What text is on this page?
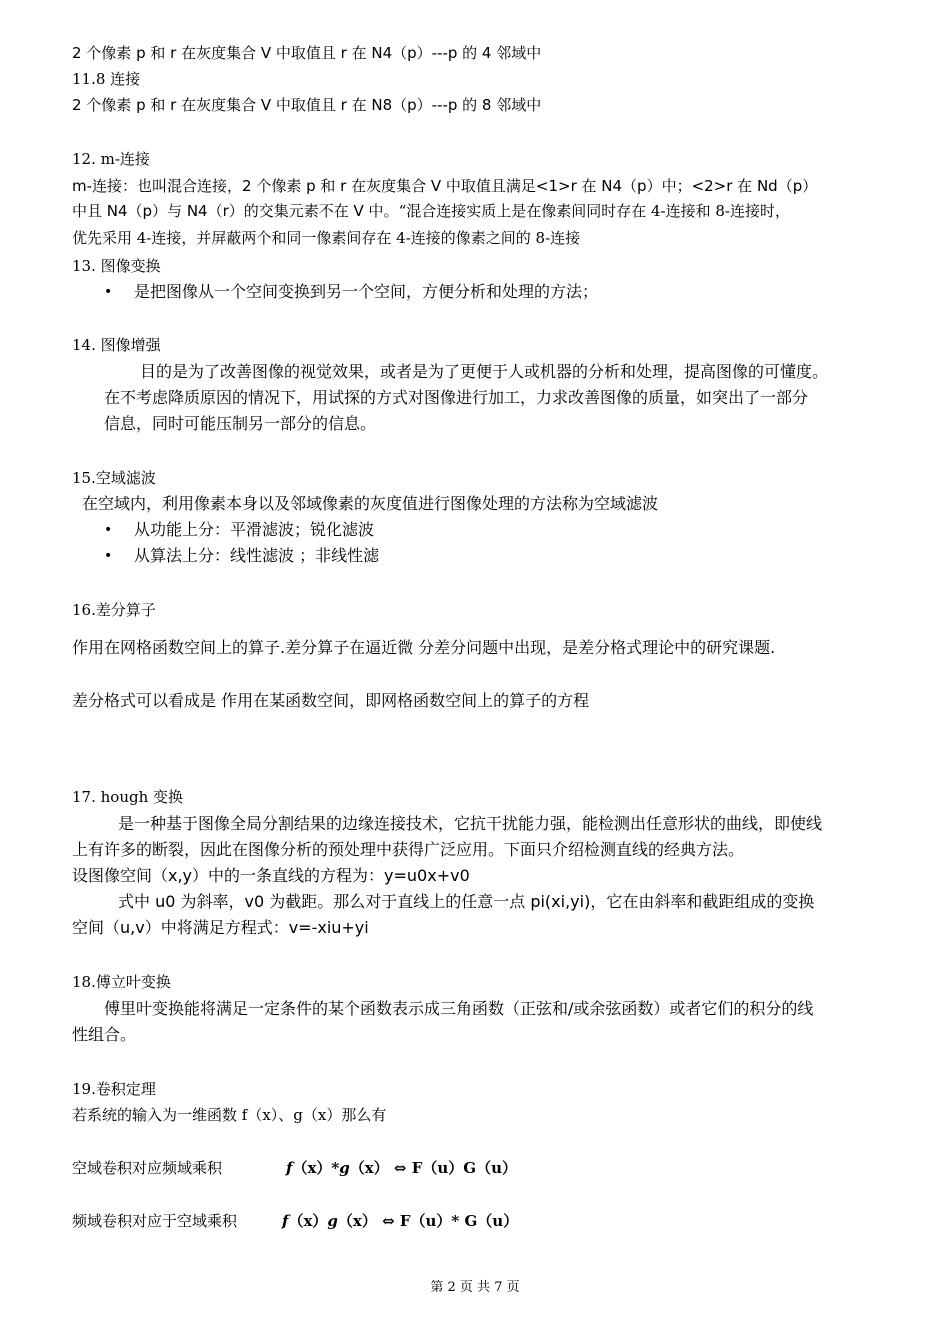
2 个像素 p 和 r 在灰度集合 V 中取值且 r 在 N4（p）---p 的 4 邻域中
11.8 连接
2 个像素 p 和 r 在灰度集合 V 中取值且 r 在 N8（p）---p 的 8 邻域中
12. m-连接
m-连接：也叫混合连接，2 个像素 p 和 r 在灰度集合 V 中取值且满足<1>r 在 N4（p）中；<2>r 在 Nd（p）
中且 N4（p）与 N4（r）的交集元素不在 V 中。“混合连接实质上是在像素间同时存在 4-连接和 8-连接时，
优先采用 4-连接，并屏蔽两个和同一像素间存在 4-连接的像素之间的 8-连接
13. 图像变换
• 是把图像从一个空间变换到另一个空间，方便分析和处理的方法；
14. 图像增强
目的是为了改善图像的视觉效果，或者是为了更便于人或机器的分析和处理，提高图像的可懂度。
在不考虑降质原因的情况下，用试探的方式对图像进行加工，力求改善图像的质量，如突出了一部分
信息，同时可能压制另一部分的信息。
15.空域滤波
在空域内，利用像素本身以及邻域像素的灰度值进行图像处理的方法称为空域滤波
• 从功能上分：平滑滤波；锐化滤波
• 从算法上分：线性滤波 ；非线性滤
16.差分算子
作用在网格函数空间上的算子.差分算子在逼近微 分差分问题中出现，是差分格式理论中的研究课题.
差分格式可以看成是 作用在某函数空间，即网格函数空间上的算子的方程
17. hough 变换
是一种基于图像全局分割结果的边缘连接技术，它抗干扰能力强，能检测出任意形状的曲线，即使线
上有许多的断裂，因此在图像分析的预处理中获得广泛应用。下面只介绍检测直线的经典方法。
设图像空间（x,y）中的一条直线的方程为：y=u0x+v0
式中 u0 为斜率，v0 为截距。那么对于直线上的任意一点 pi(xi,yi)，它在由斜率和截距组成的变换
空间（u,v）中将满足方程式：v=-xiu+yi
18.傅立叶变换
傅里叶变换能将满足一定条件的某个函数表示成三角函数（正弦和/或余弦函数）或者它们的积分的线
性组合。
19.卷积定理
若系统的输入为一维函数 f（x）、g（x）那么有
空域卷积对应频域乘积	f（x）*g（x） ⇔ F（u）G（u）
频域卷积对应于空域乘积	f（x）g（x） ⇔ F（u）* G（u）
第 2 页 共 7 页
